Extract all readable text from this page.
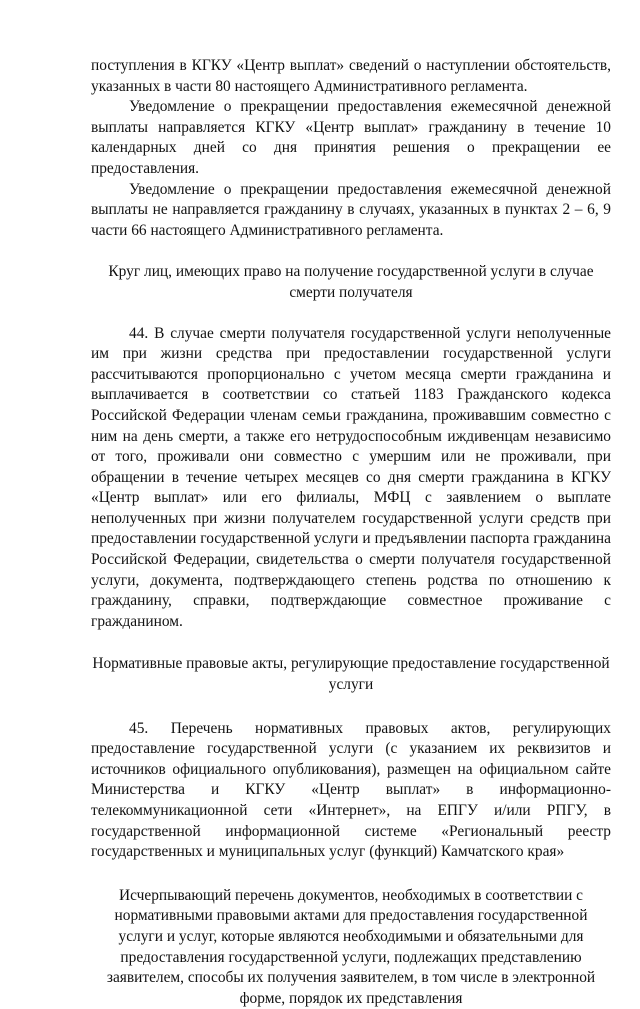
поступления в КГКУ «Центр выплат» сведений о наступлении обстоятельств, указанных в части 80 настоящего Административного регламента.

Уведомление о прекращении предоставления ежемесячной денежной выплаты направляется КГКУ «Центр выплат» гражданину в течение 10 календарных дней со дня принятия решения о прекращении ее предоставления.

Уведомление о прекращении предоставления ежемесячной денежной выплаты не направляется гражданину в случаях, указанных в пунктах 2 – 6, 9 части 66 настоящего Административного регламента.

Круг лиц, имеющих право на получение государственной услуги в случае смерти получателя

44. В случае смерти получателя государственной услуги неполученные им при жизни средства при предоставлении государственной услуги рассчитываются пропорционально с учетом месяца смерти гражданина и выплачивается в соответствии со статьей 1183 Гражданского кодекса Российской Федерации членам семьи гражданина, проживавшим совместно с ним на день смерти, а также его нетрудоспособным иждивенцам независимо от того, проживали они совместно с умершим или не проживали, при обращении в течение четырех месяцев со дня смерти гражданина в КГКУ «Центр выплат» или его филиалы, МФЦ с заявлением о выплате неполученных при жизни получателем государственной услуги средств при предоставлении государственной услуги и предъявлении паспорта гражданина Российской Федерации, свидетельства о смерти получателя государственной услуги, документа, подтверждающего степень родства по отношению к гражданину, справки, подтверждающие совместное проживание с гражданином.

Нормативные правовые акты, регулирующие предоставление государственной услуги

45. Перечень нормативных правовых актов, регулирующих предоставление государственной услуги (с указанием их реквизитов и источников официального опубликования), размещен на официальном сайте Министерства и КГКУ «Центр выплат» в информационно-телекоммуникационной сети «Интернет», на ЕПГУ и/или РПГУ, в государственной информационной системе «Региональный реестр государственных и муниципальных услуг (функций) Камчатского края»

Исчерпывающий перечень документов, необходимых в соответствии с нормативными правовыми актами для предоставления государственной услуги и услуг, которые являются необходимыми и обязательными для предоставления государственной услуги, подлежащих представлению заявителем, способы их получения заявителем, в том числе в электронной форме, порядок их представления
